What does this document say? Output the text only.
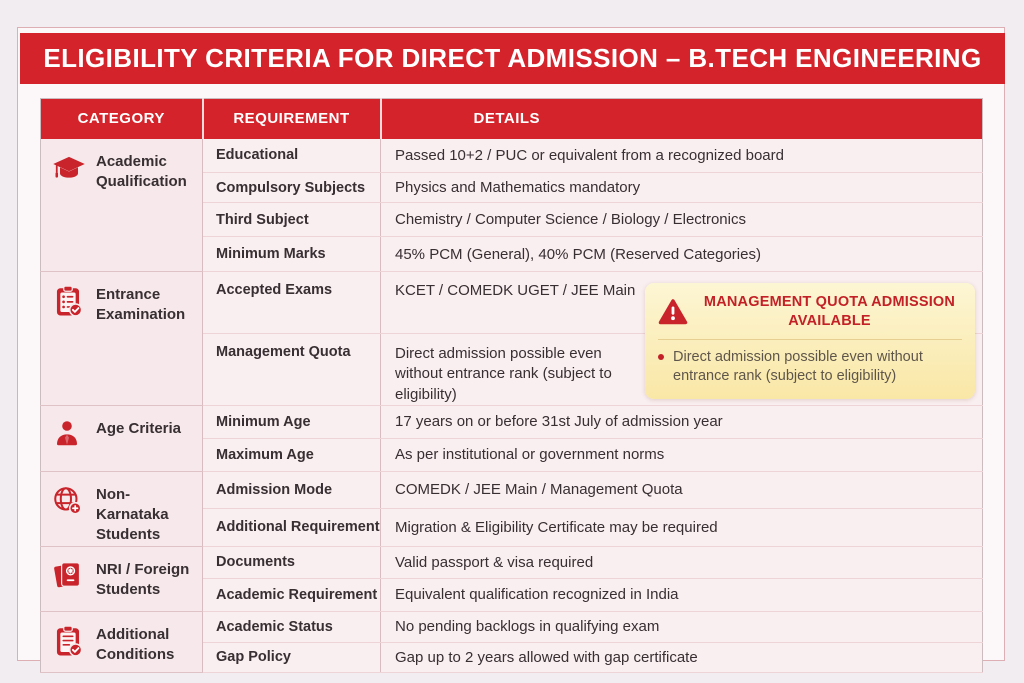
ELIGIBILITY CRITERIA FOR DIRECT ADMISSION – B.TECH ENGINEERING
CATEGORY	REQUIREMENT	DETAILS

Academic Qualification	Educational	Passed 10+2 / PUC or equivalent from a recognized board
	Compulsory Subjects	Physics and Mathematics mandatory
	Third Subject	Chemistry / Computer Science / Biology / Electronics
	Minimum Marks	45% PCM (General), 40% PCM (Reserved Categories)

Entrance Examination	Accepted Exams	KCET / COMEDK UGET / JEE Main
	Management Quota	Direct admission possible even without entrance rank (subject to eligibility)

Age Criteria	Minimum Age	17 years on or before 31st July of admission year
	Maximum Age	As per institutional or government norms

Non-Karnataka Students	Admission Mode	COMEDK / JEE Main / Management Quota
	Additional Requirement	Migration & Eligibility Certificate may be required

NRI / Foreign Students	Documents	Valid passport & visa required
	Academic Requirement	Equivalent qualification recognized in India

Additional Conditions	Academic Status	No pending backlogs in qualifying exam
	Gap Policy	Gap up to 2 years allowed with gap certificate
MANAGEMENT QUOTA ADMISSION AVAILABLE
Direct admission possible even without entrance rank (subject to eligibility)
